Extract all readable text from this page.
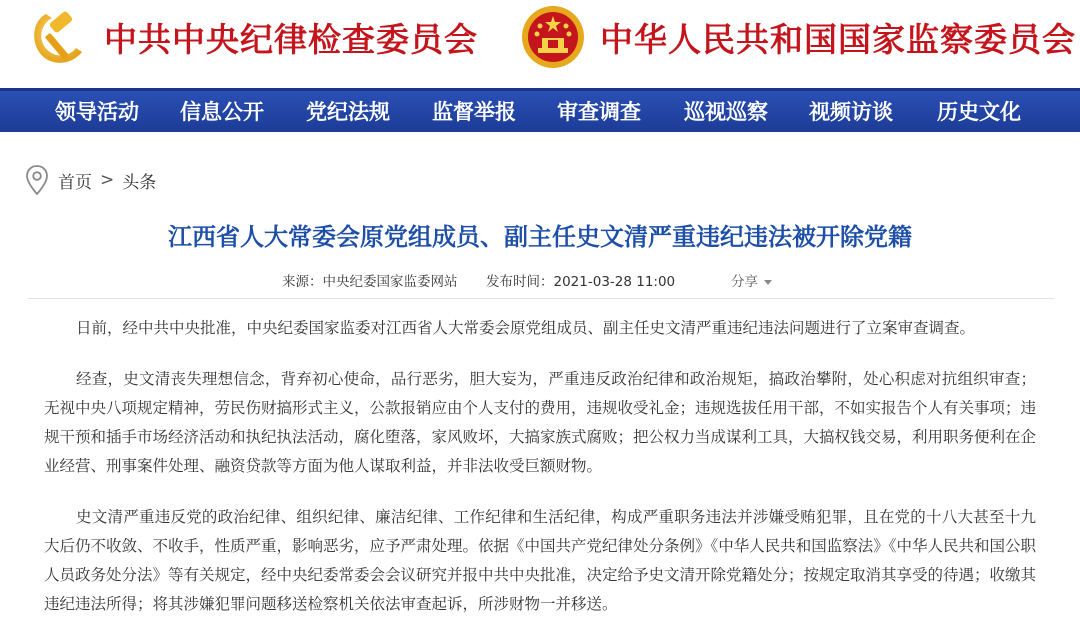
中共中央纪律检查委员会	中华人民共和国国家监察委员会
领导活动 信息公开 党纪法规 监督举报 审查调查 巡视巡察 视频访谈 历史文化
首页 > 头条
江西省人大常委会原党组成员、副主任史文清严重违纪违法被开除党籍
来源：中央纪委国家监委网站 发布时间：2021-03-28 11:00	分享

日前，经中共中央批准，中央纪委国家监委对江西省人大常委会原党组成员、副主任史文清严重违纪违法问题进行了立案审查调查。

经查，史文清丧失理想信念，背弃初心使命，品行恶劣，胆大妄为，严重违反政治纪律和政治规矩，搞政治攀附，处心积虑对抗组织审查；无视中央八项规定精神，劳民伤财搞形式主义，公款报销应由个人支付的费用，违规收受礼金；违规选拔任用干部，不如实报告个人有关事项；违规干预和插手市场经济活动和执纪执法活动，腐化堕落，家风败坏，大搞家族式腐败；把公权力当成谋利工具，大搞权钱交易，利用职务便利在企业经营、刑事案件处理、融资贷款等方面为他人谋取利益，并非法收受巨额财物。

史文清严重违反党的政治纪律、组织纪律、廉洁纪律、工作纪律和生活纪律，构成严重职务违法并涉嫌受贿犯罪，且在党的十八大甚至十九大后仍不收敛、不收手，性质严重，影响恶劣，应予严肃处理。依据《中国共产党纪律处分条例》《中华人民共和国监察法》《中华人民共和国公职人员政务处分法》等有关规定，经中央纪委常委会会议研究并报中共中央批准，决定给予史文清开除党籍处分；按规定取消其享受的待遇；收缴其违纪违法所得；将其涉嫌犯罪问题移送检察机关依法审查起诉，所涉财物一并移送。
